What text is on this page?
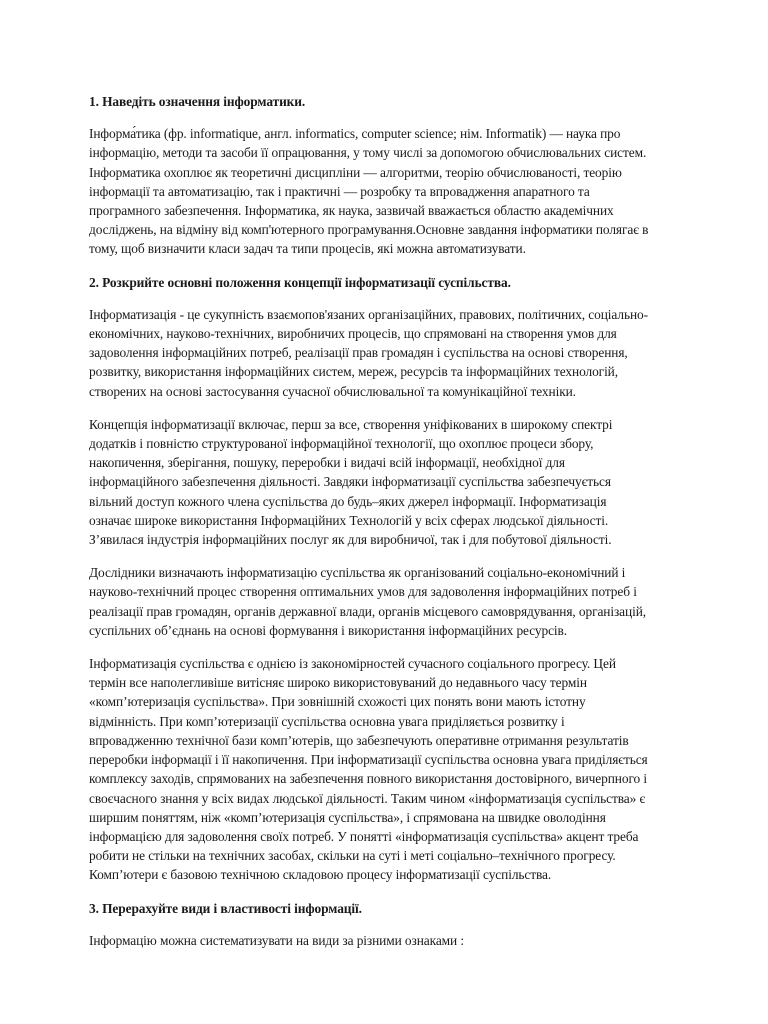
1. Наведіть означення інформатики.

Інформа́тика (фр. informatique, англ. informatics, computer science; нім. Informatik) — наука про
інформацію, методи та засоби її опрацювання, у тому числі за допомогою обчислювальних систем.
Інформатика охоплює як теоретичні дисципліни — алгоритми, теорію обчислюваності, теорію
інформації та автоматизацію, так і практичні — розробку та впровадження апаратного та
програмного забезпечення. Інформатика, як наука, зазвичай вважається областю академічних
досліджень, на відміну від комп'ютерного програмування.Основне завдання інформатики полягає в
тому, щоб визначити класи задач та типи процесів, які можна автоматизувати.

2. Розкрийте основні положення концепції інформатизації суспільства.

Інформатизація - це сукупність взаємопов'язаних організаційних, правових, політичних, соціально-
економічних, науково-технічних, виробничих процесів, що спрямовані на створення умов для
задоволення інформаційних потреб, реалізації прав громадян і суспільства на основі створення,
розвитку, використання інформаційних систем, мереж, ресурсів та інформаційних технологій,
створених на основі застосування сучасної обчислювальної та комунікаційної техніки.

Концепція інформатизації включає, перш за все, створення уніфікованих в широкому спектрі
додатків і повністю структурованої інформаційної технології, що охоплює процеси збору,
накопичення, зберігання, пошуку, переробки і видачі всій інформації, необхідної для
інформаційного забезпечення діяльності. Завдяки інформатизації суспільства забезпечується
вільний доступ кожного члена суспільства до будь–яких джерел інформації. Інформатизація
означає широке використання Інформаційних Технологій у всіх сферах людської діяльності.
З’явилася індустрія інформаційних послуг як для виробничої, так і для побутової діяльності.

Дослідники визначають інформатизацію суспільства як організований соціально-економічний і
науково-технічний процес створення оптимальних умов для задоволення інформаційних потреб і
реалізації прав громадян, органів державної влади, органів місцевого самоврядування, організацій,
суспільних об’єднань на основі формування і використання інформаційних ресурсів.

Інформатизація суспільства є однією із закономірностей сучасного соціального прогресу. Цей
термін все наполегливіше витісняє широко використовуваний до недавнього часу термін
«комп’ютеризація суспільства». При зовнішній схожості цих понять вони мають істотну
відмінність. При комп’ютеризації суспільства основна увага приділяється розвитку і
впровадженню технічної бази комп’ютерів, що забезпечують оперативне отримання результатів
переробки інформації і її накопичення. При інформатизації суспільства основна увага приділяється
комплексу заходів, спрямованих на забезпечення повного використання достовірного, вичерпного і
своєчасного знання у всіх видах людської діяльності. Таким чином «інформатизація суспільства» є
ширшим поняттям, ніж «комп’ютеризація суспільства», і спрямована на швидке оволодіння
інформацією для задоволення своїх потреб. У понятті «інформатизація суспільства» акцент треба
робити не стільки на технічних засобах, скільки на суті і меті соціально–технічного прогресу.
Комп’ютери є базовою технічною складовою процесу інформатизації суспільства.

3. Перерахуйте види і властивості інформації.

Інформацію можна систематизувати на види за різними ознаками :
